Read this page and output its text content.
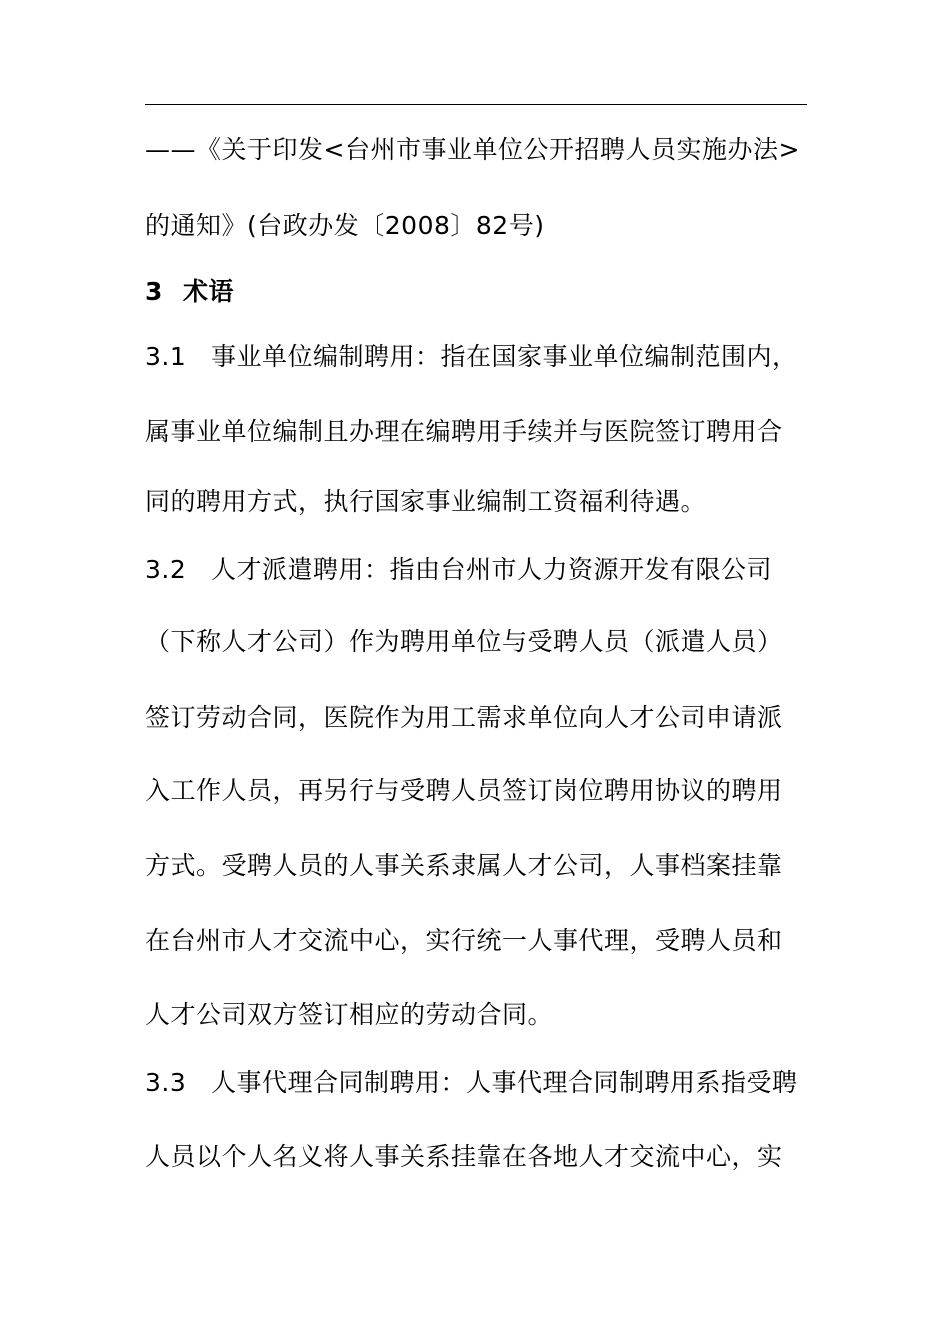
——《关于印发<台州市事业单位公开招聘人员实施办法>
的通知》(台政办发〔2008〕82号)
3 术语
3.1 事业单位编制聘用：指在国家事业单位编制范围内，
属事业单位编制且办理在编聘用手续并与医院签订聘用合
同的聘用方式，执行国家事业编制工资福利待遇。
3.2 人才派遣聘用：指由台州市人力资源开发有限公司
（下称人才公司）作为聘用单位与受聘人员（派遣人员）
签订劳动合同，医院作为用工需求单位向人才公司申请派
入工作人员，再另行与受聘人员签订岗位聘用协议的聘用
方式。受聘人员的人事关系隶属人才公司，人事档案挂靠
在台州市人才交流中心，实行统一人事代理，受聘人员和
人才公司双方签订相应的劳动合同。
3.3 人事代理合同制聘用：人事代理合同制聘用系指受聘
人员以个人名义将人事关系挂靠在各地人才交流中心，实
